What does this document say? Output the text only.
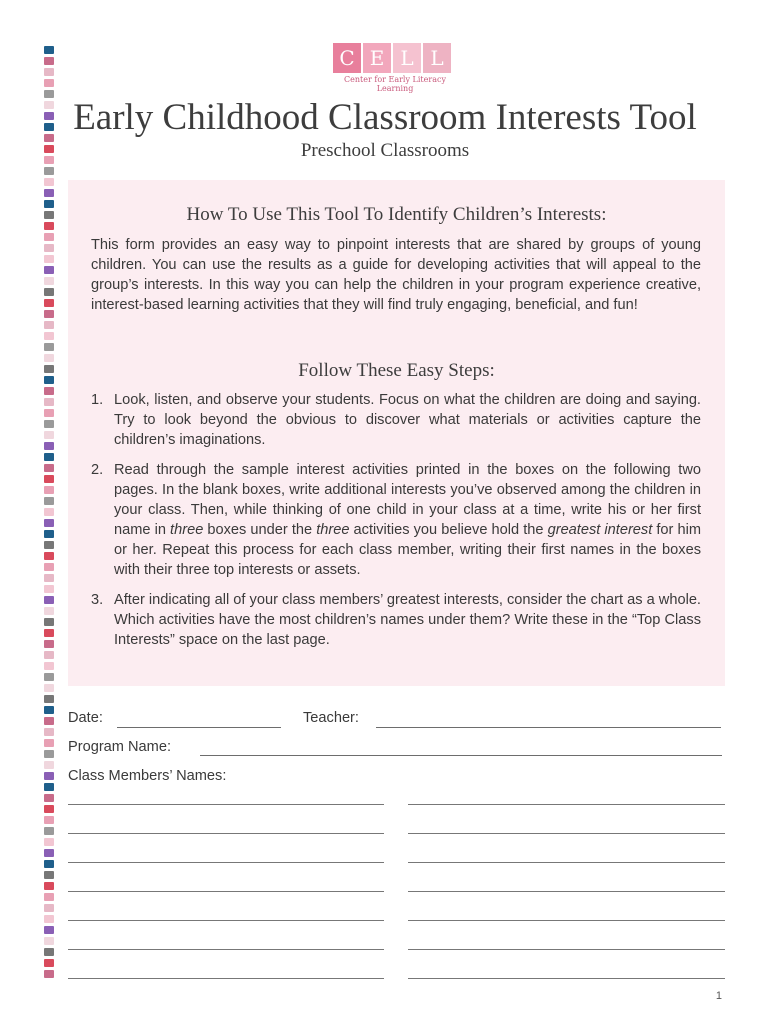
C E L L
Center for Early Literacy Learning
Early Childhood Classroom Interests Tool
Preschool Classrooms
How To Use This Tool To Identify Children’s Interests:

This form provides an easy way to pinpoint interests that are shared by groups of young children. You can use the results as a guide for developing activities that will appeal to the group’s interests. In this way you can help the children in your program experience creative, interest-based learning activities that they will find truly engaging, beneficial, and fun!

Follow These Easy Steps:
1. Look, listen, and observe your students. Focus on what the children are doing and saying. Try to look beyond the obvious to discover what materials or activities capture the children’s imaginations.
2. Read through the sample interest activities printed in the boxes on the following two pages. In the blank boxes, write additional interests you’ve observed among the children in your class. Then, while thinking of one child in your class at a time, write his or her first name in three boxes under the three activities you believe hold the greatest interest for him or her. Repeat this process for each class member, writing their first names in the boxes with their three top interests or assets.
3. After indicating all of your class members’ greatest interests, consider the chart as a whole. Which activities have the most children’s names under them? Write these in the “Top Class Interests” space on the last page.
Date:	Teacher:
Program Name:
Class Members’ Names:
1
